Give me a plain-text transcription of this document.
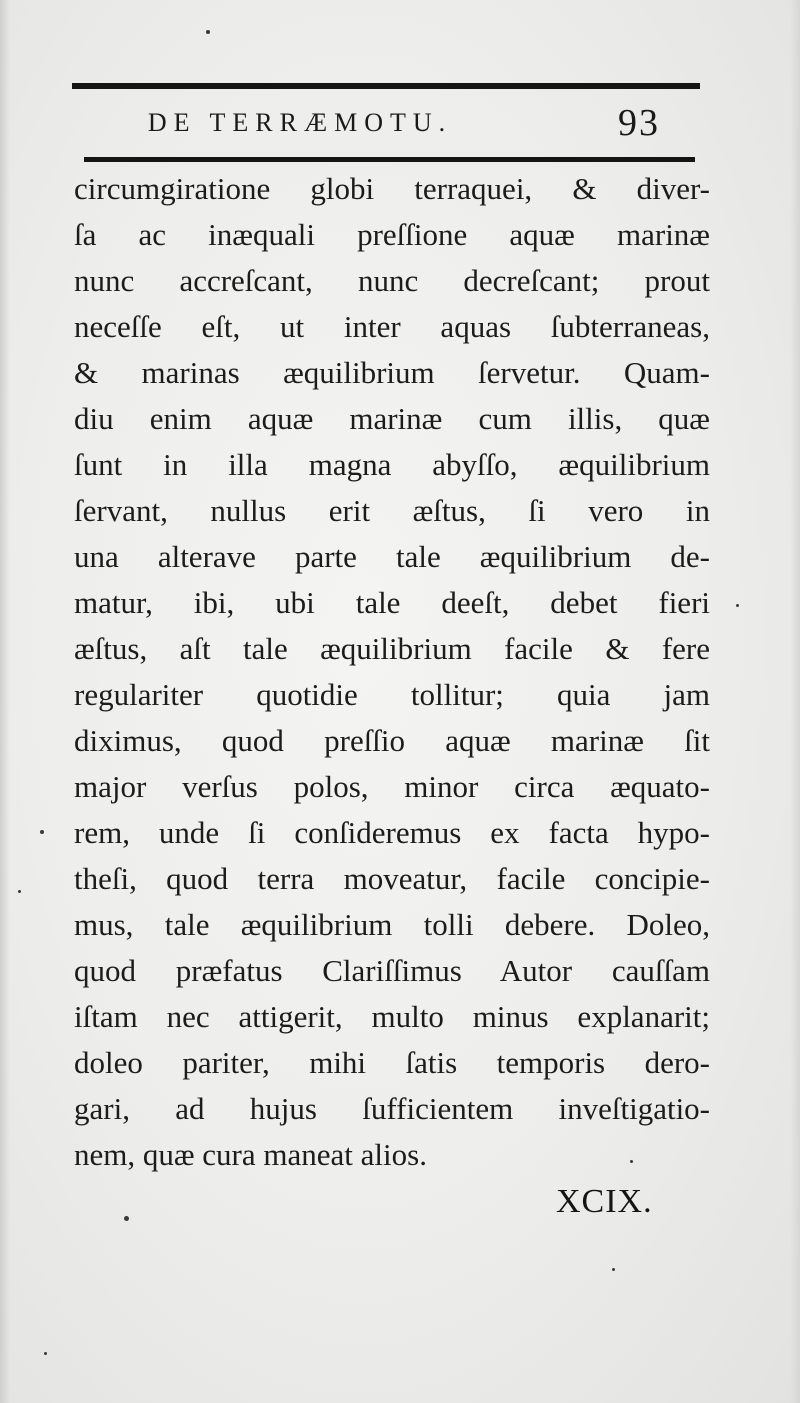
DE TERRÆMOTU.	93
circumgiratione globi terraquei, & diver-
ſa ac inæquali preſſione aquæ marinæ
nunc accreſcant, nunc decreſcant; prout
neceſſe eſt, ut inter aquas ſubterraneas,
& marinas æquilibrium ſervetur. Quam-
diu enim aquæ marinæ cum illis, quæ
ſunt in illa magna abyſſo, æquilibrium
ſervant, nullus erit æſtus, ſi vero in
una alterave parte tale æquilibrium de-
matur, ibi, ubi tale deeſt, debet fieri
æſtus, aſt tale æquilibrium facile & fere
regulariter quotidie tollitur; quia jam
diximus, quod preſſio aquæ marinæ ſit
major verſus polos, minor circa æquato-
rem, unde ſi conſideremus ex facta hypo-
theſi, quod terra moveatur, facile concipie-
mus, tale æquilibrium tolli debere. Doleo,
quod præfatus Clariſſimus Autor cauſſam
iſtam nec attigerit, multo minus explanarit;
doleo pariter, mihi ſatis temporis dero-
gari, ad hujus ſufficientem inveſtigatio-
nem, quæ cura maneat alios.
XCIX.
